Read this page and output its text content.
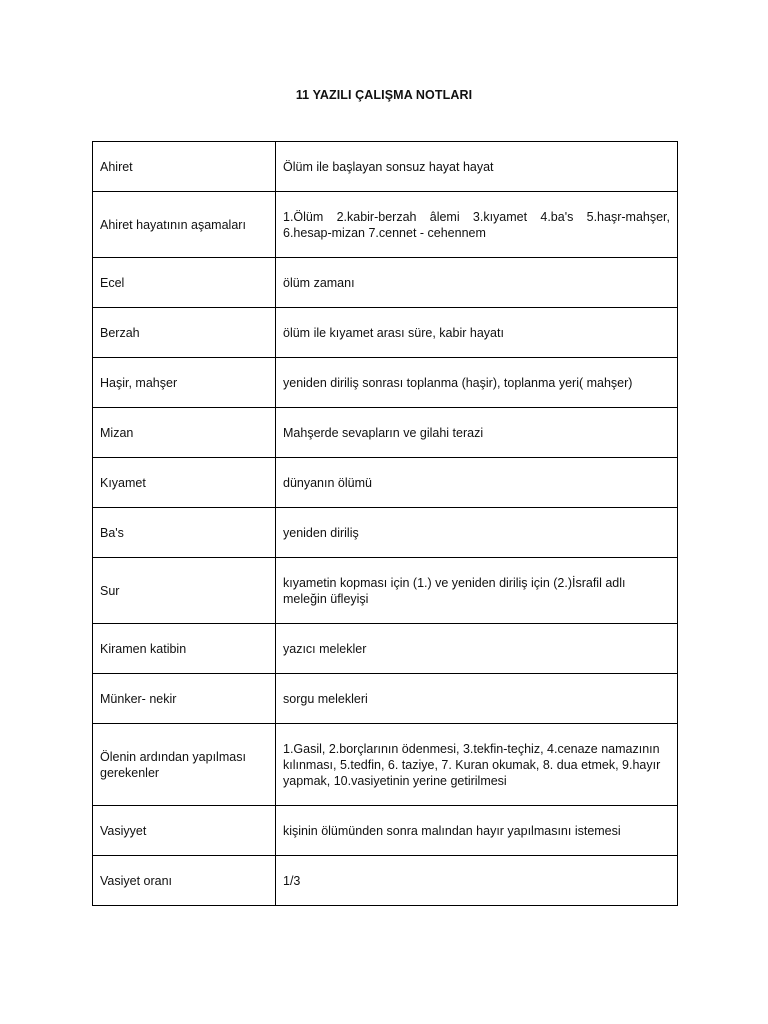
11 YAZILI ÇALIŞMA NOTLARI
Ahiret	Ölüm ile başlayan sonsuz hayat hayat
Ahiret hayatının aşamaları	1.Ölüm 2.kabir-berzah âlemi 3.kıyamet 4.ba's 5.haşr-mahşer, 6.hesap-mizan 7.cennet - cehennem
Ecel	ölüm zamanı
Berzah	ölüm ile kıyamet arası süre, kabir hayatı
Haşir, mahşer	yeniden diriliş sonrası toplanma (haşir), toplanma yeri( mahşer)
Mizan	Mahşerde sevapların ve gilahi terazi
Kıyamet	dünyanın ölümü
Ba's	yeniden diriliş
Sur	kıyametin kopması için (1.) ve yeniden diriliş için (2.)İsrafil adlı meleğin üfleyişi
Kiramen katibin	yazıcı melekler
Münker- nekir	sorgu melekleri
Ölenin ardından yapılması gerekenler	1.Gasil, 2.borçlarının ödenmesi, 3.tekfin-teçhiz, 4.cenaze namazının kılınması, 5.tedfin, 6. taziye, 7. Kuran okumak, 8. dua etmek, 9.hayır yapmak, 10.vasiyetinin yerine getirilmesi
Vasiyyet	kişinin ölümünden sonra malından hayır yapılmasını istemesi
Vasiyet oranı	1/3
